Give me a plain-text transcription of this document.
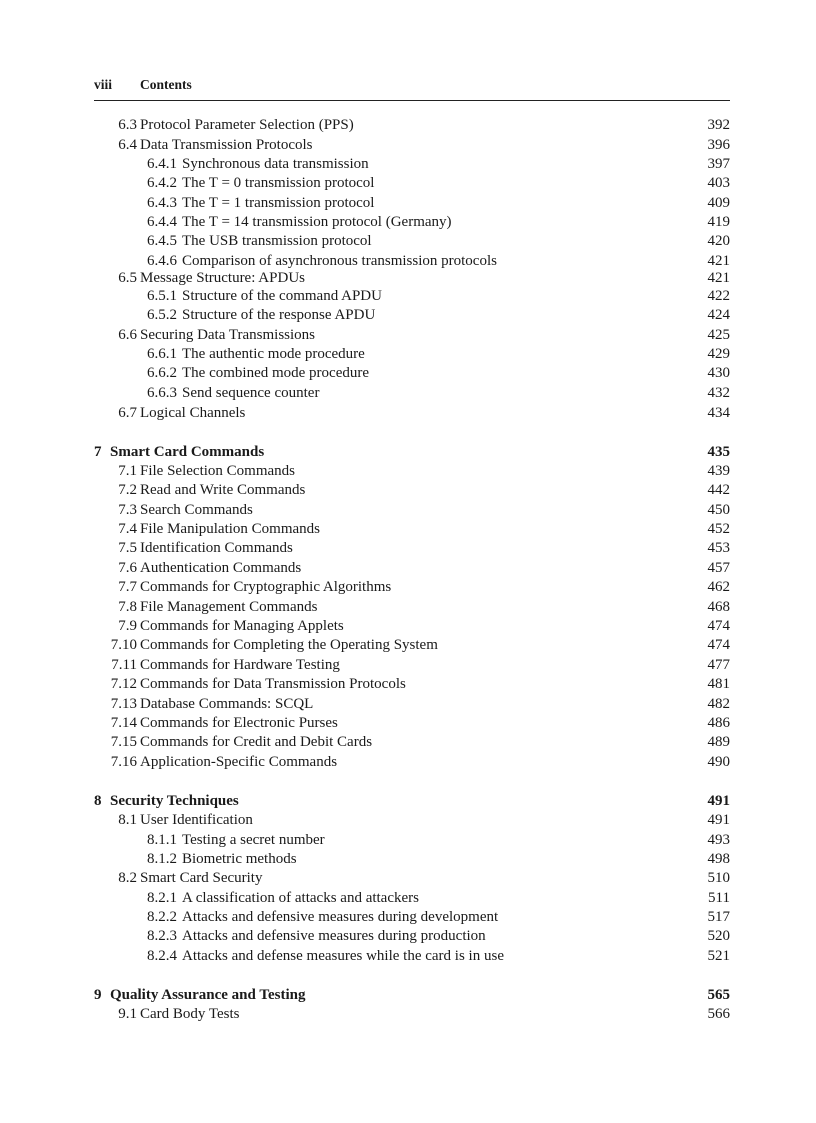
viii Contents
6.3 Protocol Parameter Selection (PPS)	392
6.4 Data Transmission Protocols	396
6.4.1 Synchronous data transmission	397
6.4.2 The T = 0 transmission protocol	403
6.4.3 The T = 1 transmission protocol	409
6.4.4 The T = 14 transmission protocol (Germany)	419
6.4.5 The USB transmission protocol	420
6.4.6 Comparison of asynchronous transmission protocols	421
6.5 Message Structure: APDUs	421
6.5.1 Structure of the command APDU	422
6.5.2 Structure of the response APDU	424
6.6 Securing Data Transmissions	425
6.6.1 The authentic mode procedure	429
6.6.2 The combined mode procedure	430
6.6.3 Send sequence counter	432
6.7 Logical Channels	434
7 Smart Card Commands	435
7.1 File Selection Commands	439
7.2 Read and Write Commands	442
7.3 Search Commands	450
7.4 File Manipulation Commands	452
7.5 Identification Commands	453
7.6 Authentication Commands	457
7.7 Commands for Cryptographic Algorithms	462
7.8 File Management Commands	468
7.9 Commands for Managing Applets	474
7.10 Commands for Completing the Operating System	474
7.11 Commands for Hardware Testing	477
7.12 Commands for Data Transmission Protocols	481
7.13 Database Commands: SCQL	482
7.14 Commands for Electronic Purses	486
7.15 Commands for Credit and Debit Cards	489
7.16 Application-Specific Commands	490
8 Security Techniques	491
8.1 User Identification	491
8.1.1 Testing a secret number	493
8.1.2 Biometric methods	498
8.2 Smart Card Security	510
8.2.1 A classification of attacks and attackers	511
8.2.2 Attacks and defensive measures during development	517
8.2.3 Attacks and defensive measures during production	520
8.2.4 Attacks and defense measures while the card is in use	521
9 Quality Assurance and Testing	565
9.1 Card Body Tests	566
